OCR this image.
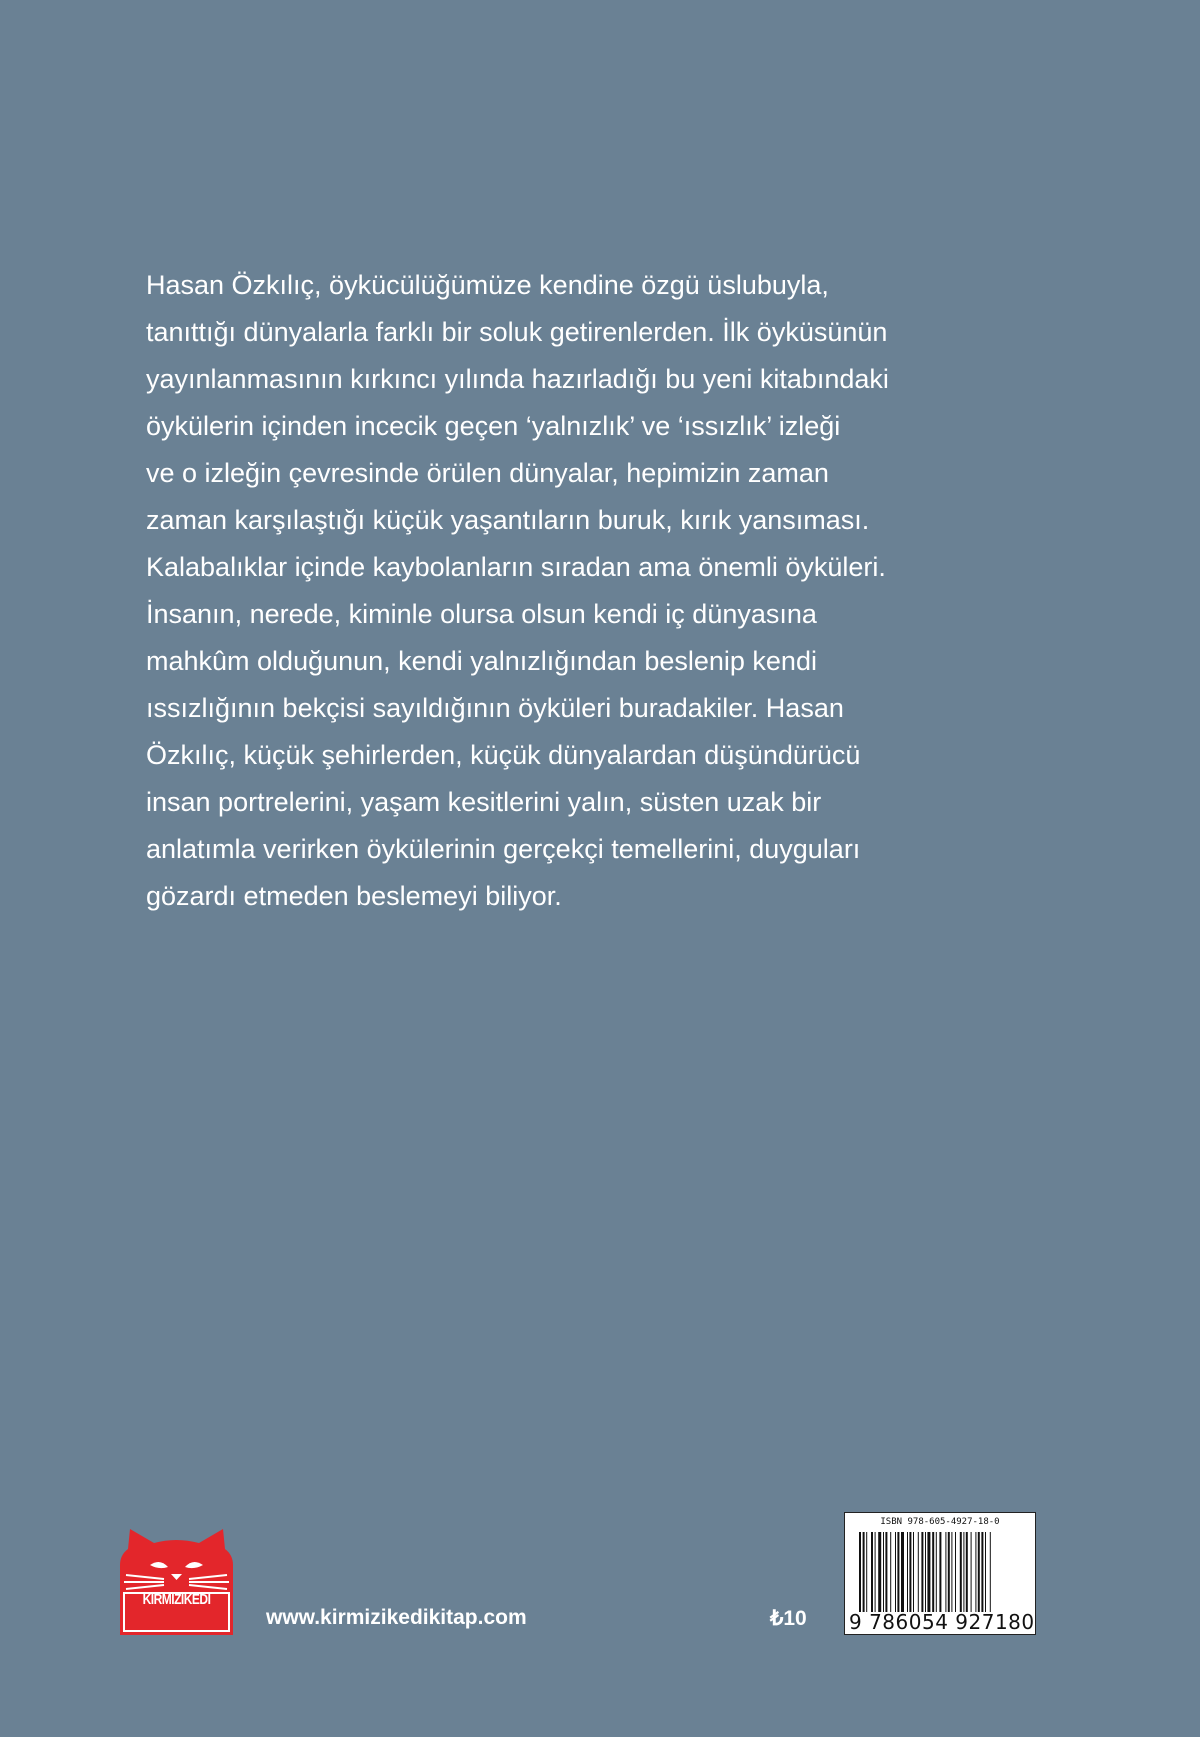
Hasan Özkılıç, öykücülüğümüze kendine özgü üslubuyla,
tanıttığı dünyalarla farklı bir soluk getirenlerden. İlk öyküsünün
yayınlanmasının kırkıncı yılında hazırladığı bu yeni kitabındaki
öykülerin içinden incecik geçen ‘yalnızlık’ ve ‘ıssızlık’ izleği
ve o izleğin çevresinde örülen dünyalar, hepimizin zaman
zaman karşılaştığı küçük yaşantıların buruk, kırık yansıması.
Kalabalıklar içinde kaybolanların sıradan ama önemli öyküleri.
İnsanın, nerede, kiminle olursa olsun kendi iç dünyasına
mahkûm olduğunun, kendi yalnızlığından beslenip kendi
ıssızlığının bekçisi sayıldığının öyküleri buradakiler. Hasan
Özkılıç, küçük şehirlerden, küçük dünyalardan düşündürücü
insan portrelerini, yaşam kesitlerini yalın, süsten uzak bir
anlatımla verirken öykülerinin gerçekçi temellerini, duyguları
gözardı etmeden beslemeyi biliyor.
KIRMIZIKEDI
www.kirmizikedikitap.com	₺10
ISBN 978-605-4927-18-0
9 786054 927180
